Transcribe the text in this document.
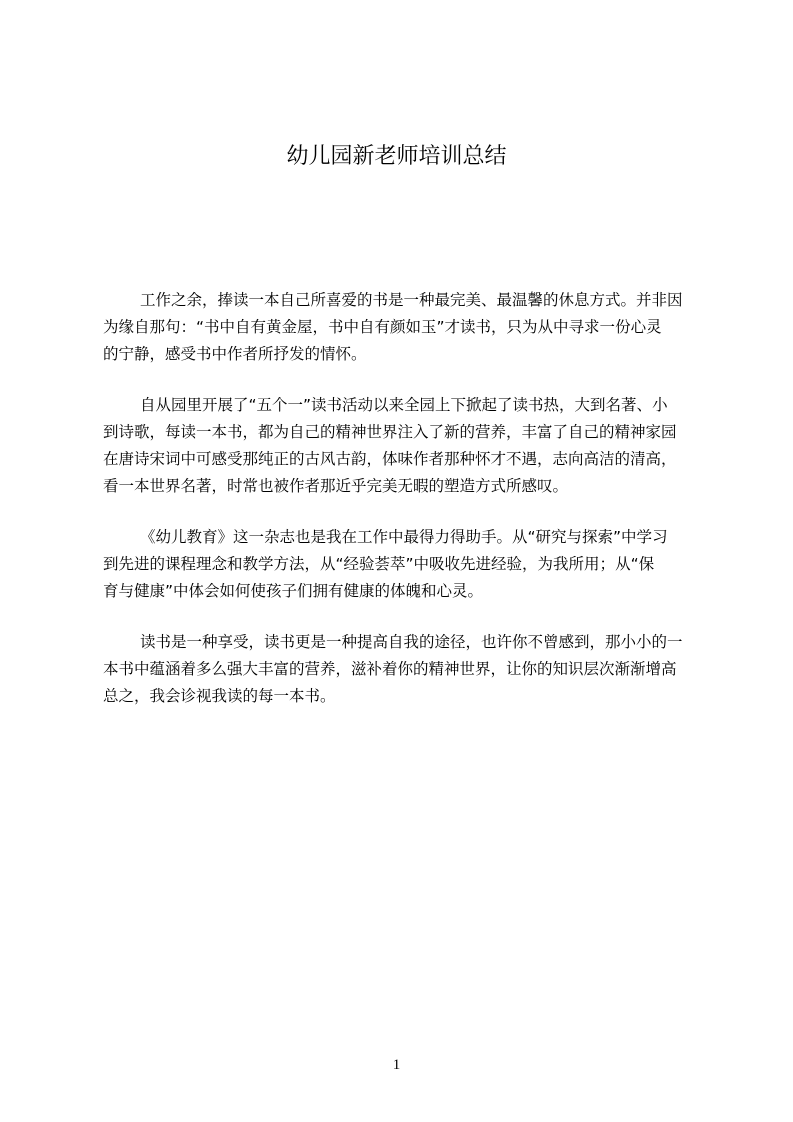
幼儿园新老师培训总结

工作之余，捧读一本自己所喜爱的书是一种最完美、最温馨的休息方式。并非因
为缘自那句：“书中自有黄金屋，书中自有颜如玉”才读书，只为从中寻求一份心灵
的宁静，感受书中作者所抒发的情怀。

自从园里开展了“五个一”读书活动以来全园上下掀起了读书热，大到名著、小
到诗歌，每读一本书，都为自己的精神世界注入了新的营养，丰富了自己的精神家园
在唐诗宋词中可感受那纯正的古风古韵，体味作者那种怀才不遇，志向高洁的清高，
看一本世界名著，时常也被作者那近乎完美无暇的塑造方式所感叹。

《幼儿教育》这一杂志也是我在工作中最得力得助手。从“研究与探索”中学习
到先进的课程理念和教学方法，从“经验荟萃”中吸收先进经验，为我所用；从“保
育与健康”中体会如何使孩子们拥有健康的体魄和心灵。

读书是一种享受，读书更是一种提高自我的途径，也许你不曾感到，那小小的一
本书中蕴涵着多么强大丰富的营养，滋补着你的精神世界，让你的知识层次渐渐增高
总之，我会诊视我读的每一本书。

1
